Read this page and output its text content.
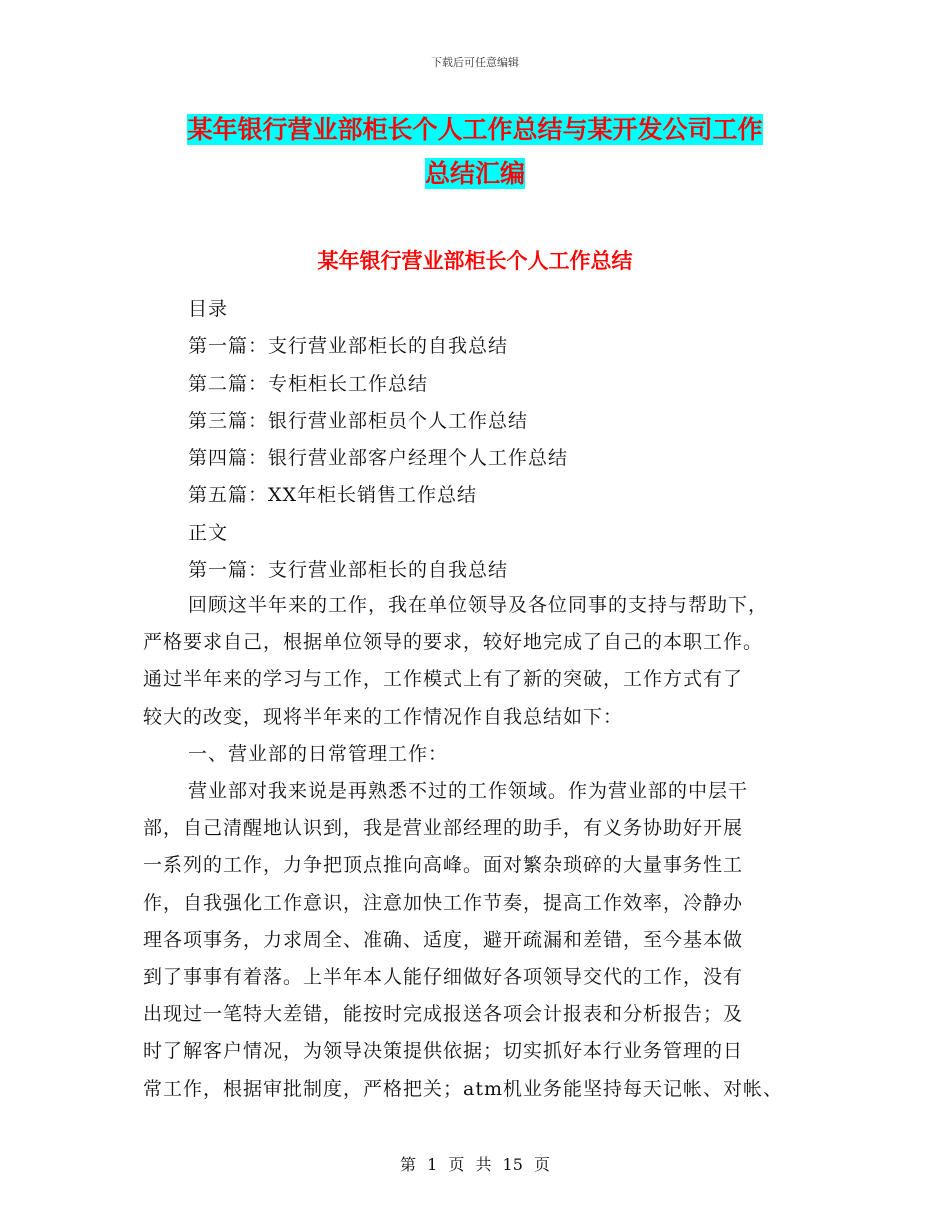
下载后可任意编辑
某年银行营业部柜长个人工作总结与某开发公司工作
总结汇编
某年银行营业部柜长个人工作总结
目录
第一篇：支行营业部柜长的自我总结
第二篇：专柜柜长工作总结
第三篇：银行营业部柜员个人工作总结
第四篇：银行营业部客户经理个人工作总结
第五篇：XX年柜长销售工作总结
正文
第一篇：支行营业部柜长的自我总结
回顾这半年来的工作，我在单位领导及各位同事的支持与帮助下，
严格要求自己，根据单位领导的要求，较好地完成了自己的本职工作。
通过半年来的学习与工作，工作模式上有了新的突破，工作方式有了
较大的改变，现将半年来的工作情况作自我总结如下：
一、营业部的日常管理工作：
营业部对我来说是再熟悉不过的工作领域。作为营业部的中层干
部，自己清醒地认识到，我是营业部经理的助手，有义务协助好开展
一系列的工作，力争把顶点推向高峰。面对繁杂琐碎的大量事务性工
作，自我强化工作意识，注意加快工作节奏，提高工作效率，冷静办
理各项事务，力求周全、准确、适度，避开疏漏和差错，至今基本做
到了事事有着落。上半年本人能仔细做好各项领导交代的工作，没有
出现过一笔特大差错，能按时完成报送各项会计报表和分析报告；及
时了解客户情况，为领导决策提供依据；切实抓好本行业务管理的日
常工作，根据审批制度，严格把关；atm机业务能坚持每天记帐、对帐、
第 1 页 共 15 页
